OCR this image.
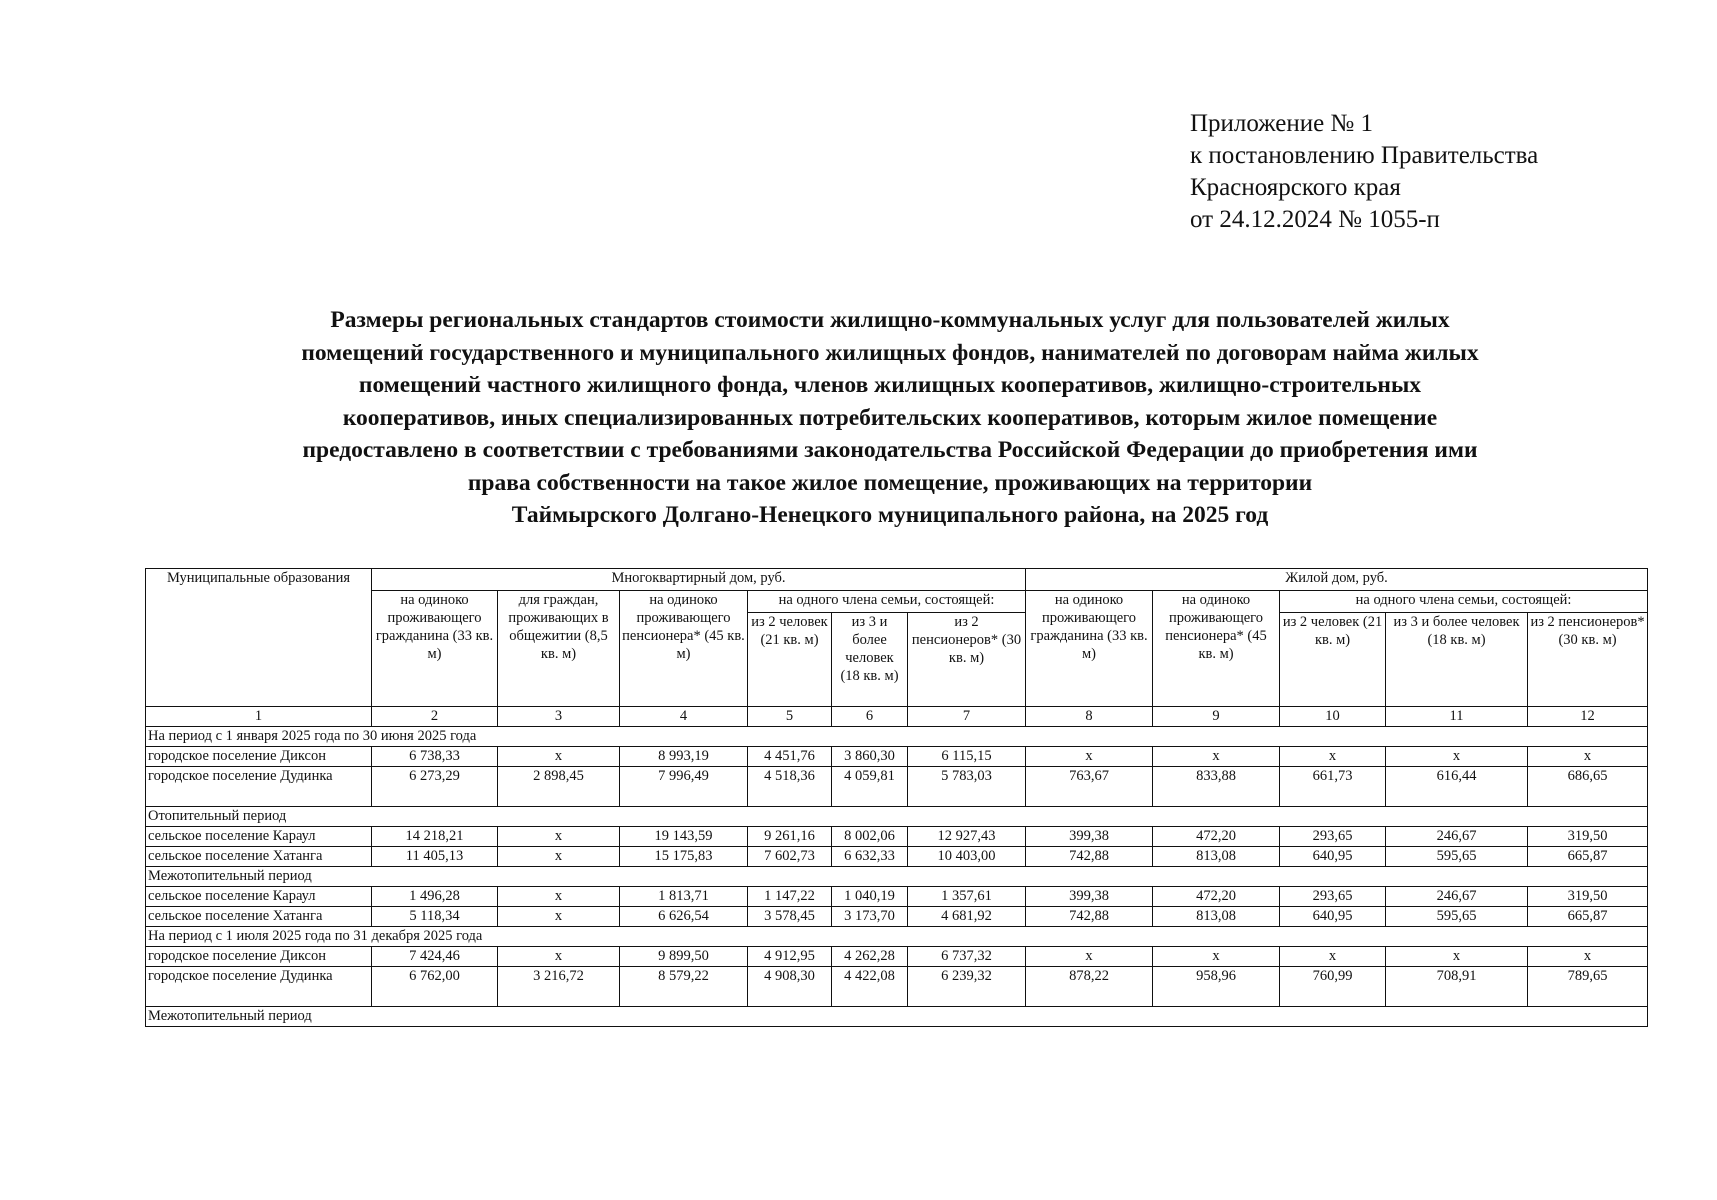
Приложение № 1
к постановлению Правительства
Красноярского края
от 24.12.2024 № 1055-п
Размеры региональных стандартов стоимости жилищно-коммунальных услуг для пользователей жилых
помещений государственного и муниципального жилищных фондов, нанимателей по договорам найма жилых
помещений частного жилищного фонда, членов жилищных кооперативов, жилищно-строительных
кооперативов, иных специализированных потребительских кооперативов, которым жилое помещение
предоставлено в соответствии с требованиями законодательства Российской Федерации до приобретения ими
права собственности на такое жилое помещение, проживающих на территории
Таймырского Долгано-Ненецкого муниципального района, на 2025 год
Муниципальные образования	Многоквартирный дом, руб.						Жилой дом, руб.				
	на одиноко проживающего гражданина (33 кв. м)	для граждан, проживающих в общежитии (8,5 кв. м)	на одиноко проживающего пенсионера* (45 кв. м)	на одного члена семьи, состоящей:			на одиноко проживающего гражданина (33 кв. м)	на одиноко проживающего пенсионера* (45 кв. м)	на одного члена семьи, состоящей:		
				из 2 человек (21 кв. м)	из 3 и более человек (18 кв. м)	из 2 пенсионеров* (30 кв. м)			из 2 человек (21 кв. м)	из 3 и более человек (18 кв. м)	из 2 пенсионеров* (30 кв. м)
1	2	3	4	5	6	7	8	9	10	11	12
На период с 1 января 2025 года по 30 июня 2025 года											
городское поселение Диксон	6 738,33	х	8 993,19	4 451,76	3 860,30	6 115,15	х	х	х	х	х
городское поселение Дудинка	6 273,29	2 898,45	7 996,49	4 518,36	4 059,81	5 783,03	763,67	833,88	661,73	616,44	686,65
Отопительный период											
сельское поселение Караул	14 218,21	х	19 143,59	9 261,16	8 002,06	12 927,43	399,38	472,20	293,65	246,67	319,50
сельское поселение Хатанга	11 405,13	х	15 175,83	7 602,73	6 632,33	10 403,00	742,88	813,08	640,95	595,65	665,87
Межотопительный период											
сельское поселение Караул	1 496,28	х	1 813,71	1 147,22	1 040,19	1 357,61	399,38	472,20	293,65	246,67	319,50
сельское поселение Хатанга	5 118,34	х	6 626,54	3 578,45	3 173,70	4 681,92	742,88	813,08	640,95	595,65	665,87
На период с 1 июля 2025 года по 31 декабря 2025 года											
городское поселение Диксон	7 424,46	х	9 899,50	4 912,95	4 262,28	6 737,32	х	х	х	х	х
городское поселение Дудинка	6 762,00	3 216,72	8 579,22	4 908,30	4 422,08	6 239,32	878,22	958,96	760,99	708,91	789,65
Межотопительный период											
